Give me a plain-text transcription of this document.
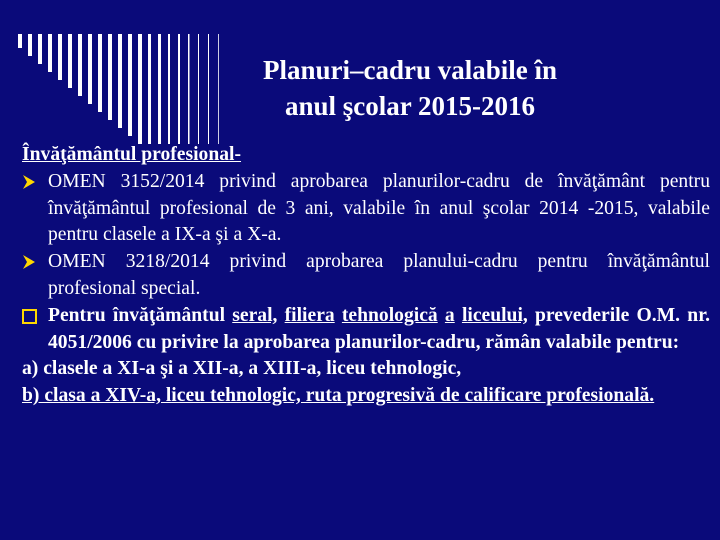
Planuri–cadru valabile în
anul şcolar 2015-2016
Învăţământul profesional-
OMEN 3152/2014 privind aprobarea planurilor-cadru de învăţământ pentru învăţământul profesional de 3 ani, valabile în anul şcolar 2014 -2015, valabile pentru clasele a IX-a şi a X-a.
OMEN 3218/2014 privind aprobarea planului-cadru pentru învăţământul profesional special.
Pentru învăţământul seral, filiera tehnologică a liceului, prevederile O.M. nr. 4051/2006 cu privire la aprobarea planurilor-cadru, rămân valabile pentru:
a) clasele a XI-a şi a XII-a, a XIII-a, liceu tehnologic,
b) clasa a XIV-a, liceu tehnologic, ruta progresivă de calificare profesională.
